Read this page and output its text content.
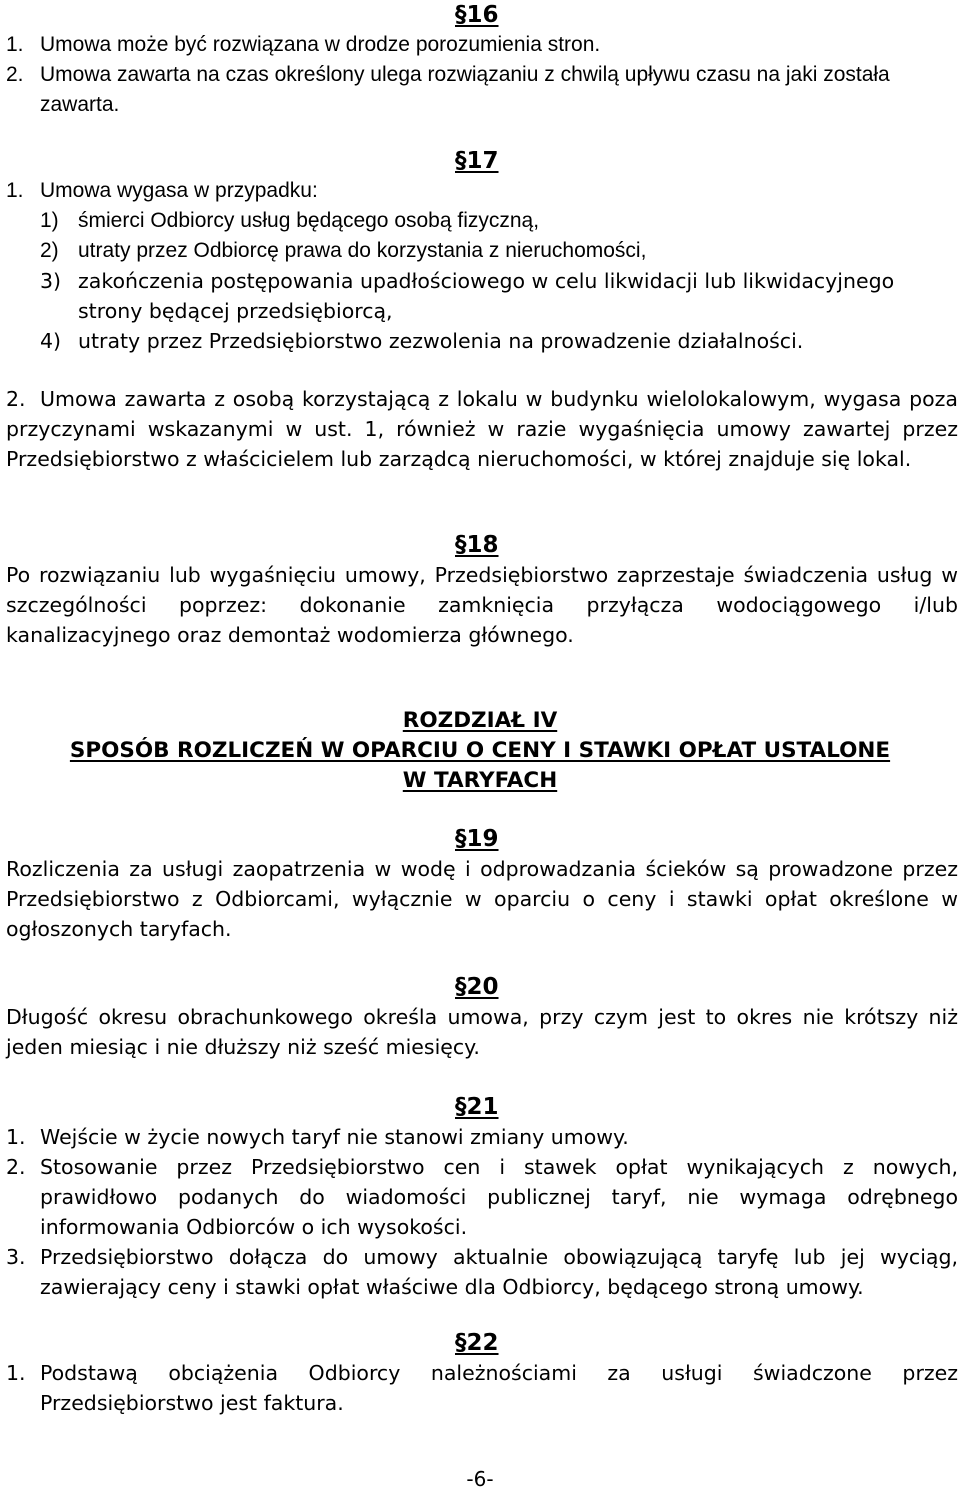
§16
1. Umowa może być rozwiązana w drodze porozumienia stron.
2. Umowa zawarta na czas określony ulega rozwiązaniu z chwilą upływu czasu na jaki została zawarta.
§17
1. Umowa wygasa w przypadku:
1) śmierci Odbiorcy usług będącego osobą fizyczną,
2) utraty przez Odbiorcę prawa do korzystania z nieruchomości,
3) zakończenia postępowania upadłościowego w celu likwidacji lub likwidacyjnego strony będącej przedsiębiorcą,
4) utraty przez Przedsiębiorstwo zezwolenia na prowadzenie działalności.
2. Umowa zawarta z osobą korzystającą z lokalu w budynku wielolokalowym, wygasa poza przyczynami wskazanymi w ust. 1, również w razie wygaśnięcia umowy zawartej przez Przedsiębiorstwo z właścicielem lub zarządcą nieruchomości, w której znajduje się lokal.
§18
Po rozwiązaniu lub wygaśnięciu umowy, Przedsiębiorstwo zaprzestaje świadczenia usług w szczególności poprzez: dokonanie zamknięcia przyłącza wodociągowego i/lub kanalizacyjnego oraz demontaż wodomierza głównego.
ROZDZIAŁ IV
SPOSÓB ROZLICZEŃ W OPARCIU O CENY I STAWKI OPŁAT USTALONE
W TARYFACH
§19
Rozliczenia za usługi zaopatrzenia w wodę i odprowadzania ścieków są prowadzone przez Przedsiębiorstwo z Odbiorcami, wyłącznie w oparciu o ceny i stawki opłat określone w ogłoszonych taryfach.
§20
Długość okresu obrachunkowego określa umowa, przy czym jest to okres nie krótszy niż jeden miesiąc i nie dłuższy niż sześć miesięcy.
§21
1. Wejście w życie nowych taryf nie stanowi zmiany umowy.
2. Stosowanie przez Przedsiębiorstwo cen i stawek opłat wynikających z nowych, prawidłowo podanych do wiadomości publicznej taryf, nie wymaga odrębnego informowania Odbiorców o ich wysokości.
3. Przedsiębiorstwo dołącza do umowy aktualnie obowiązującą taryfę lub jej wyciąg, zawierający ceny i stawki opłat właściwe dla Odbiorcy, będącego stroną umowy.
§22
1. Podstawą obciążenia Odbiorcy należnościami za usługi świadczone przez Przedsiębiorstwo jest faktura.
-6-
